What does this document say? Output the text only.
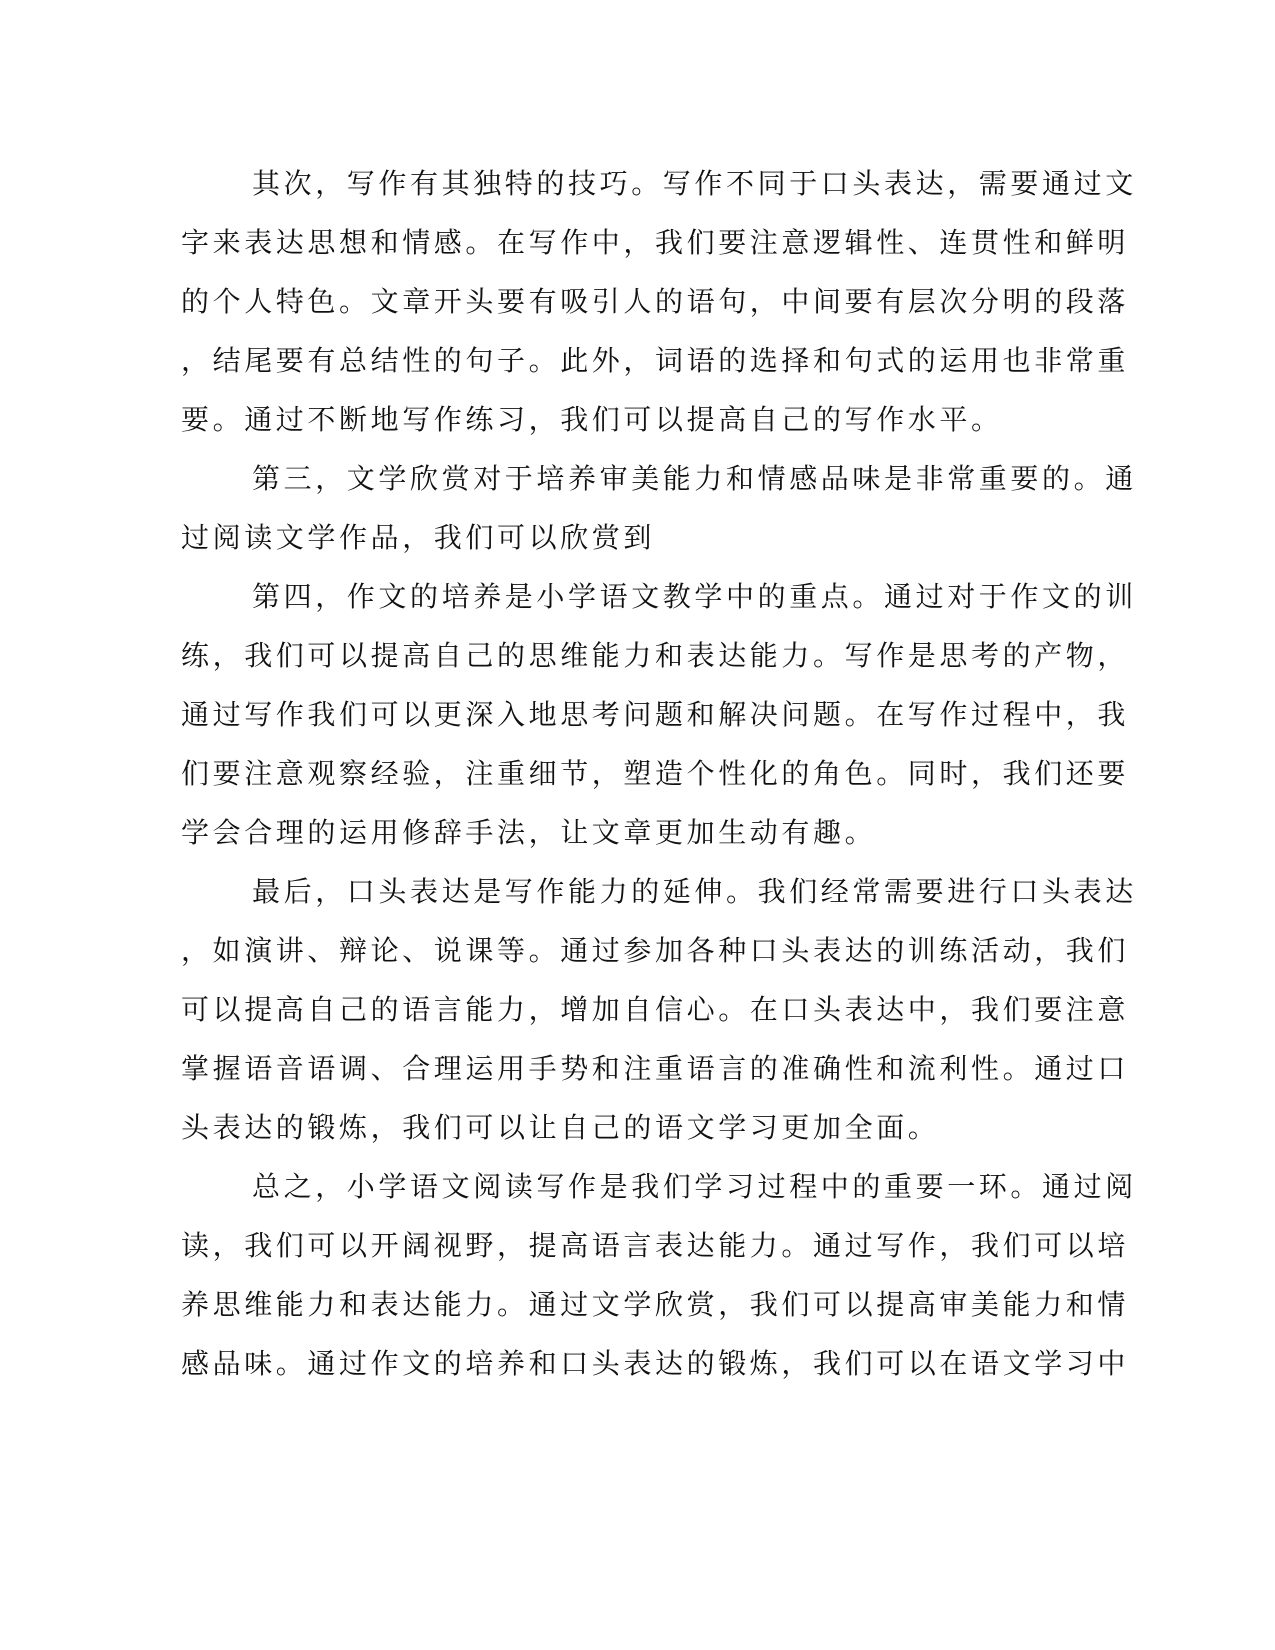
其次，写作有其独特的技巧。写作不同于口头表达，需要通过文
字来表达思想和情感。在写作中，我们要注意逻辑性、连贯性和鲜明
的个人特色。文章开头要有吸引人的语句，中间要有层次分明的段落
，结尾要有总结性的句子。此外，词语的选择和句式的运用也非常重
要。通过不断地写作练习，我们可以提高自己的写作水平。
第三，文学欣赏对于培养审美能力和情感品味是非常重要的。通
过阅读文学作品，我们可以欣赏到
第四，作文的培养是小学语文教学中的重点。通过对于作文的训
练，我们可以提高自己的思维能力和表达能力。写作是思考的产物，
通过写作我们可以更深入地思考问题和解决问题。在写作过程中，我
们要注意观察经验，注重细节，塑造个性化的角色。同时，我们还要
学会合理的运用修辞手法，让文章更加生动有趣。
最后，口头表达是写作能力的延伸。我们经常需要进行口头表达
，如演讲、辩论、说课等。通过参加各种口头表达的训练活动，我们
可以提高自己的语言能力，增加自信心。在口头表达中，我们要注意
掌握语音语调、合理运用手势和注重语言的准确性和流利性。通过口
头表达的锻炼，我们可以让自己的语文学习更加全面。
总之，小学语文阅读写作是我们学习过程中的重要一环。通过阅
读，我们可以开阔视野，提高语言表达能力。通过写作，我们可以培
养思维能力和表达能力。通过文学欣赏，我们可以提高审美能力和情
感品味。通过作文的培养和口头表达的锻炼，我们可以在语文学习中
